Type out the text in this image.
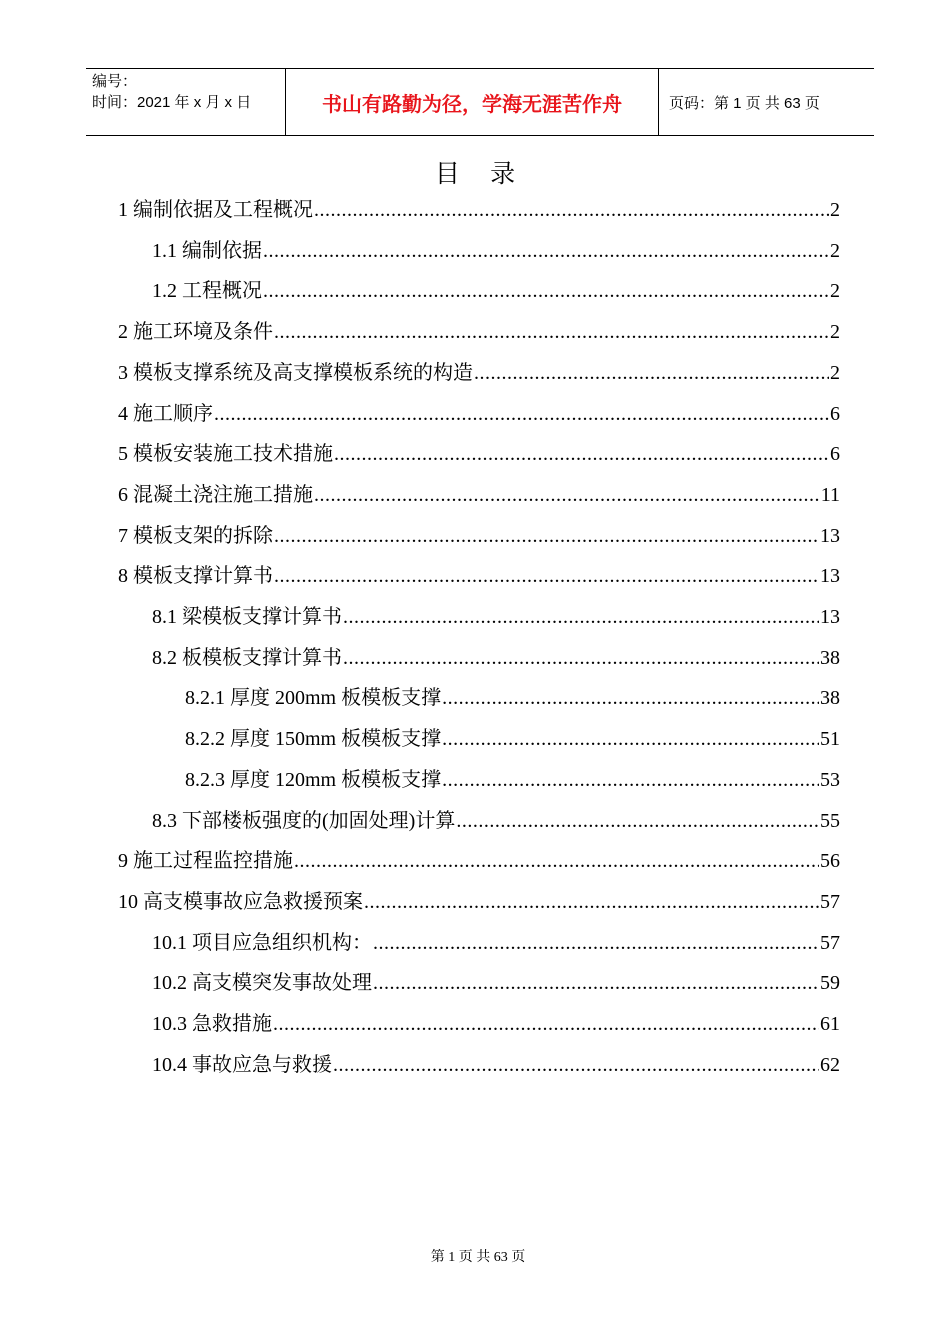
编号：
时间：2021 年 x 月 x 日	书山有路勤为径，学海无涯苦作舟	页码：第 1 页 共 63 页
目 录
1 编制依据及工程概况 .....	2
1.1 编制依据 .....	2
1.2 工程概况 .....	2
2 施工环境及条件 .....	2
3 模板支撑系统及高支撑模板系统的构造 .....	2
4 施工顺序 .....	6
5 模板安装施工技术措施 .....	6
6 混凝土浇注施工措施 .....	11
7 模板支架的拆除 .....	13
8 模板支撑计算书 .....	13
8.1 梁模板支撑计算书 .....	13
8.2 板模板支撑计算书 .....	38
8.2.1 厚度 200mm 板模板支撑 .....	38
8.2.2 厚度 150mm 板模板支撑 .....	51
8.2.3 厚度 120mm 板模板支撑 .....	53
8.3 下部楼板强度的(加固处理)计算 .....	55
9 施工过程监控措施 .....	56
10 高支模事故应急救援预案 .....	57
10.1 项目应急组织机构： .....	57
10.2 高支模突发事故处理 .....	59
10.3 急救措施 .....	61
10.4 事故应急与救援 .....	62
第 1 页 共 63 页
